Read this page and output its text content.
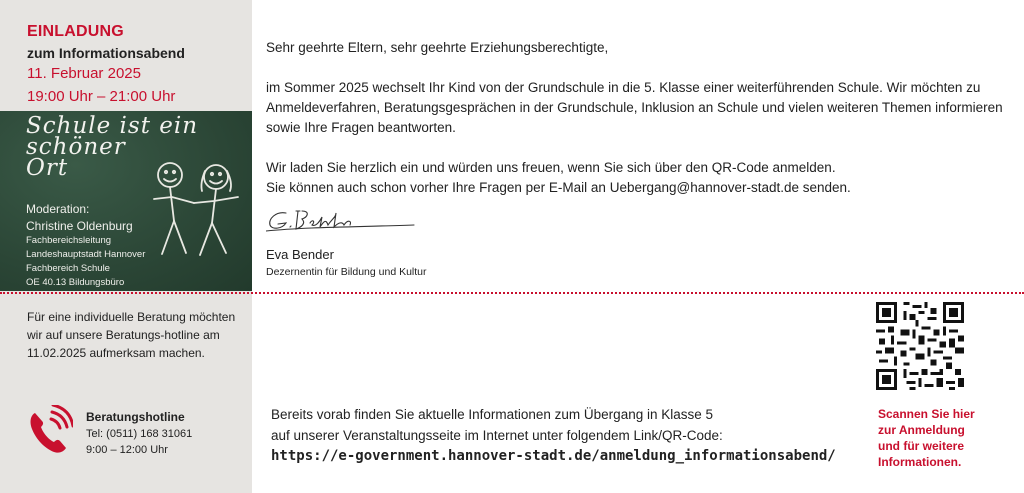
EINLADUNG
zum Informationsabend
11. Februar 2025
19:00 Uhr – 21:00 Uhr
Schule ist ein
schöner
Ort
Moderation:
Christine Oldenburg
Fachbereichsleitung
Landeshauptstadt Hannover
Fachbereich Schule
OE 40.13 Bildungsbüro
Für eine individuelle Beratung möchten wir auf unsere Beratungs-hotline am 11.02.2025 aufmerksam machen.
Beratungshotline
Tel: (0511) 168 31061
9:00 – 12:00 Uhr
Sehr geehrte Eltern, sehr geehrte Erziehungsberechtigte,
im Sommer 2025 wechselt Ihr Kind von der Grundschule in die 5. Klasse einer weiterführenden Schule. Wir möchten zu Anmeldeverfahren, Beratungsgesprächen in der Grundschule, Inklusion an Schule und vielen weiteren Themen informieren sowie Ihre Fragen beantworten.
Wir laden Sie herzlich ein und würden uns freuen, wenn Sie sich über den QR-Code anmelden.
Sie können auch schon vorher Ihre Fragen per E-Mail an Uebergang@hannover-stadt.de senden.
Eva Bender
Dezernentin für Bildung und Kultur
Bereits vorab finden Sie aktuelle Informationen zum Übergang in Klasse 5
auf unserer Veranstaltungsseite im Internet unter folgendem Link/QR-Code:
https://e-government.hannover-stadt.de/anmeldung_informationsabend/
Scannen Sie hier
zur Anmeldung
und für weitere
Informationen.
